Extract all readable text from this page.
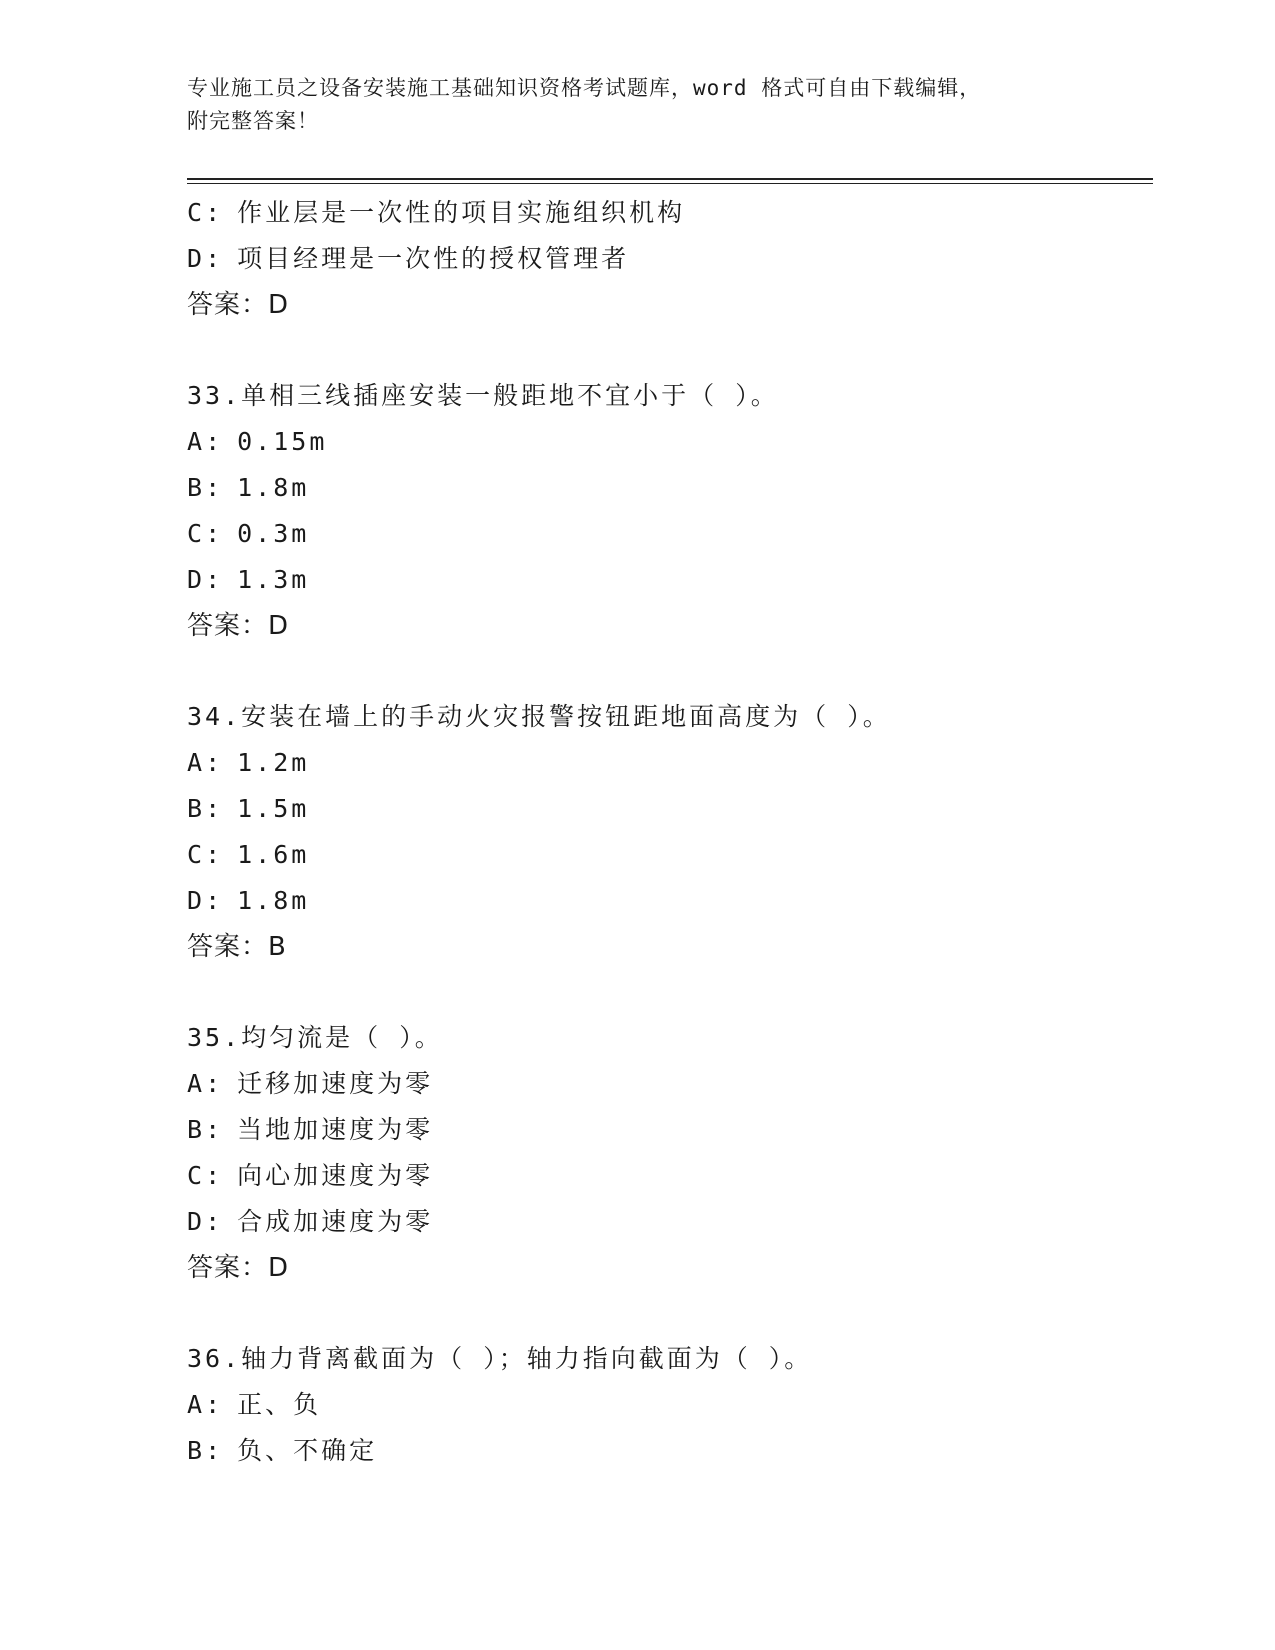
专业施工员之设备安装施工基础知识资格考试题库，word 格式可自由下载编辑，
附完整答案！
C: 作业层是一次性的项目实施组织机构
D: 项目经理是一次性的授权管理者
答案：D
33.单相三线插座安装一般距地不宜小于（ ）。
A: 0.15m
B: 1.8m
C: 0.3m
D: 1.3m
答案：D
34.安装在墙上的手动火灾报警按钮距地面高度为（ ）。
A: 1.2m
B: 1.5m
C: 1.6m
D: 1.8m
答案：B
35.均匀流是（ ）。
A: 迁移加速度为零
B: 当地加速度为零
C: 向心加速度为零
D: 合成加速度为零
答案：D
36.轴力背离截面为（ ）；轴力指向截面为（ ）。
A: 正、负
B: 负、不确定
